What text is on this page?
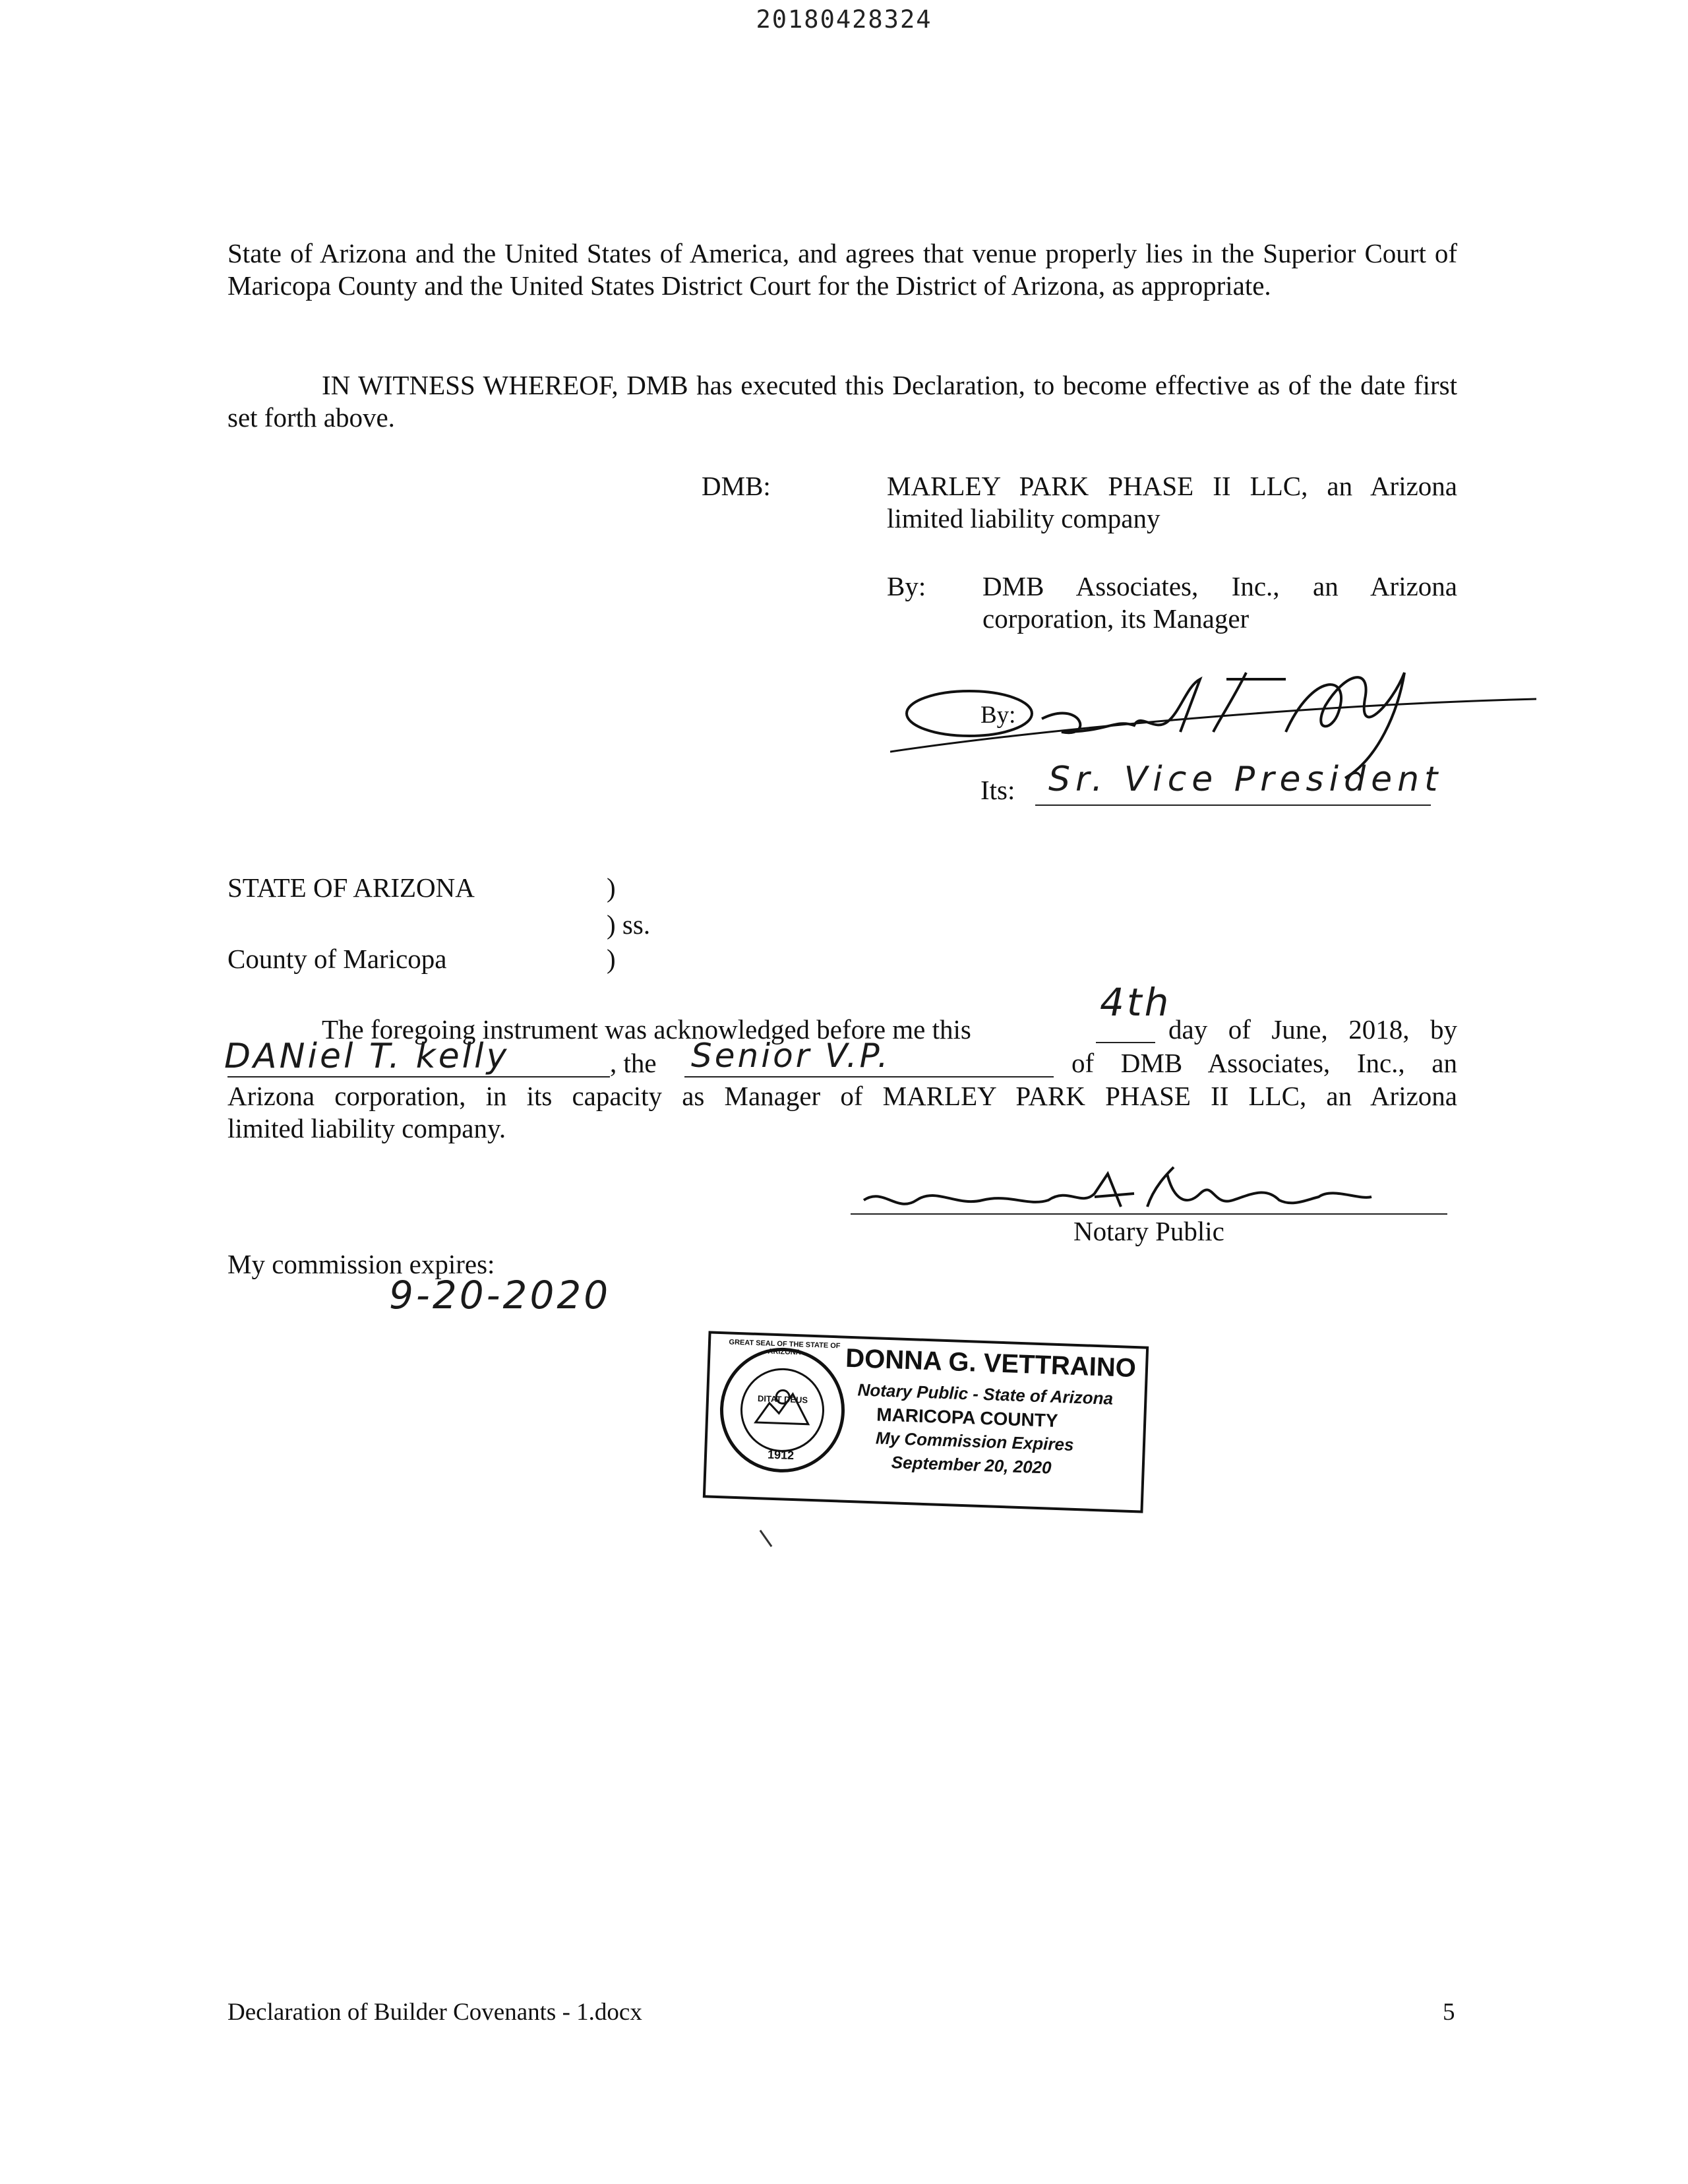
20180428324
State of Arizona and the United States of America, and agrees that venue properly lies in the Superior Court of Maricopa County and the United States District Court for the District of Arizona, as appropriate.
IN WITNESS WHEREOF, DMB has executed this Declaration, to become effective as of the date first set forth above.
DMB:	MARLEY PARK PHASE II LLC, an Arizona
limited liability company
By: DMB Associates, Inc., an Arizona
corporation, its Manager
By:
Its: Sr. Vice President
STATE OF ARIZONA	)
) ss.
County of Maricopa	)
The foregoing instrument was acknowledged before me this
4th
day of June, 2018, by
DANiel T. kelly	, the Senior V.P.	of DMB Associates, Inc., an
Arizona corporation, in its capacity as Manager of MARLEY PARK PHASE II LLC, an Arizona
limited liability company.
Notary Public
My commission expires:
9-20-2020
DITAT DEUS
1912
GREAT SEAL OF THE STATE OF ARIZONA	DONNA G. VETTRAINO
Notary Public - State of Arizona
MARICOPA COUNTY
My Commission Expires
September 20, 2020
Declaration of Builder Covenants - 1.docx	5
